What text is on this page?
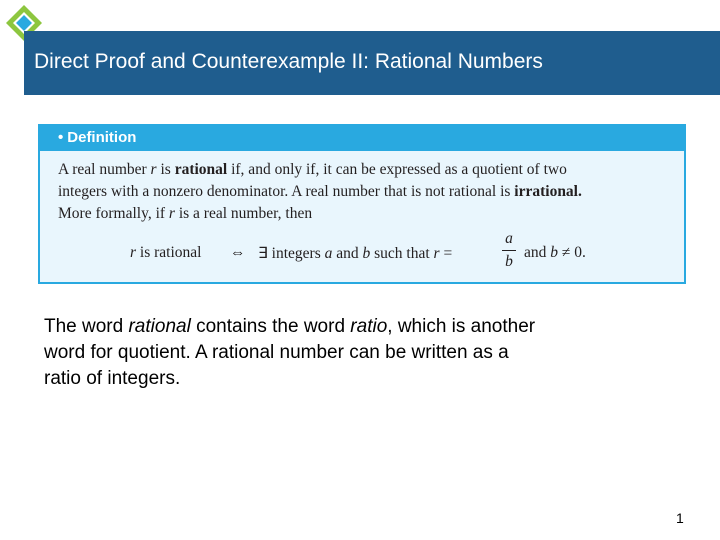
Direct Proof and Counterexample II: Rational Numbers
• Definition

A real number r is rational if, and only if, it can be expressed as a quotient of two

integers with a nonzero denominator. A real number that is not rational is irrational.

More formally, if r is a real number, then

r is rational ⇔ ∃ integers a and b such that r =
a
b
and b ≠ 0.

The word rational contains the word ratio, which is another

word for quotient. A rational number can be written as a

ratio of integers.

1
